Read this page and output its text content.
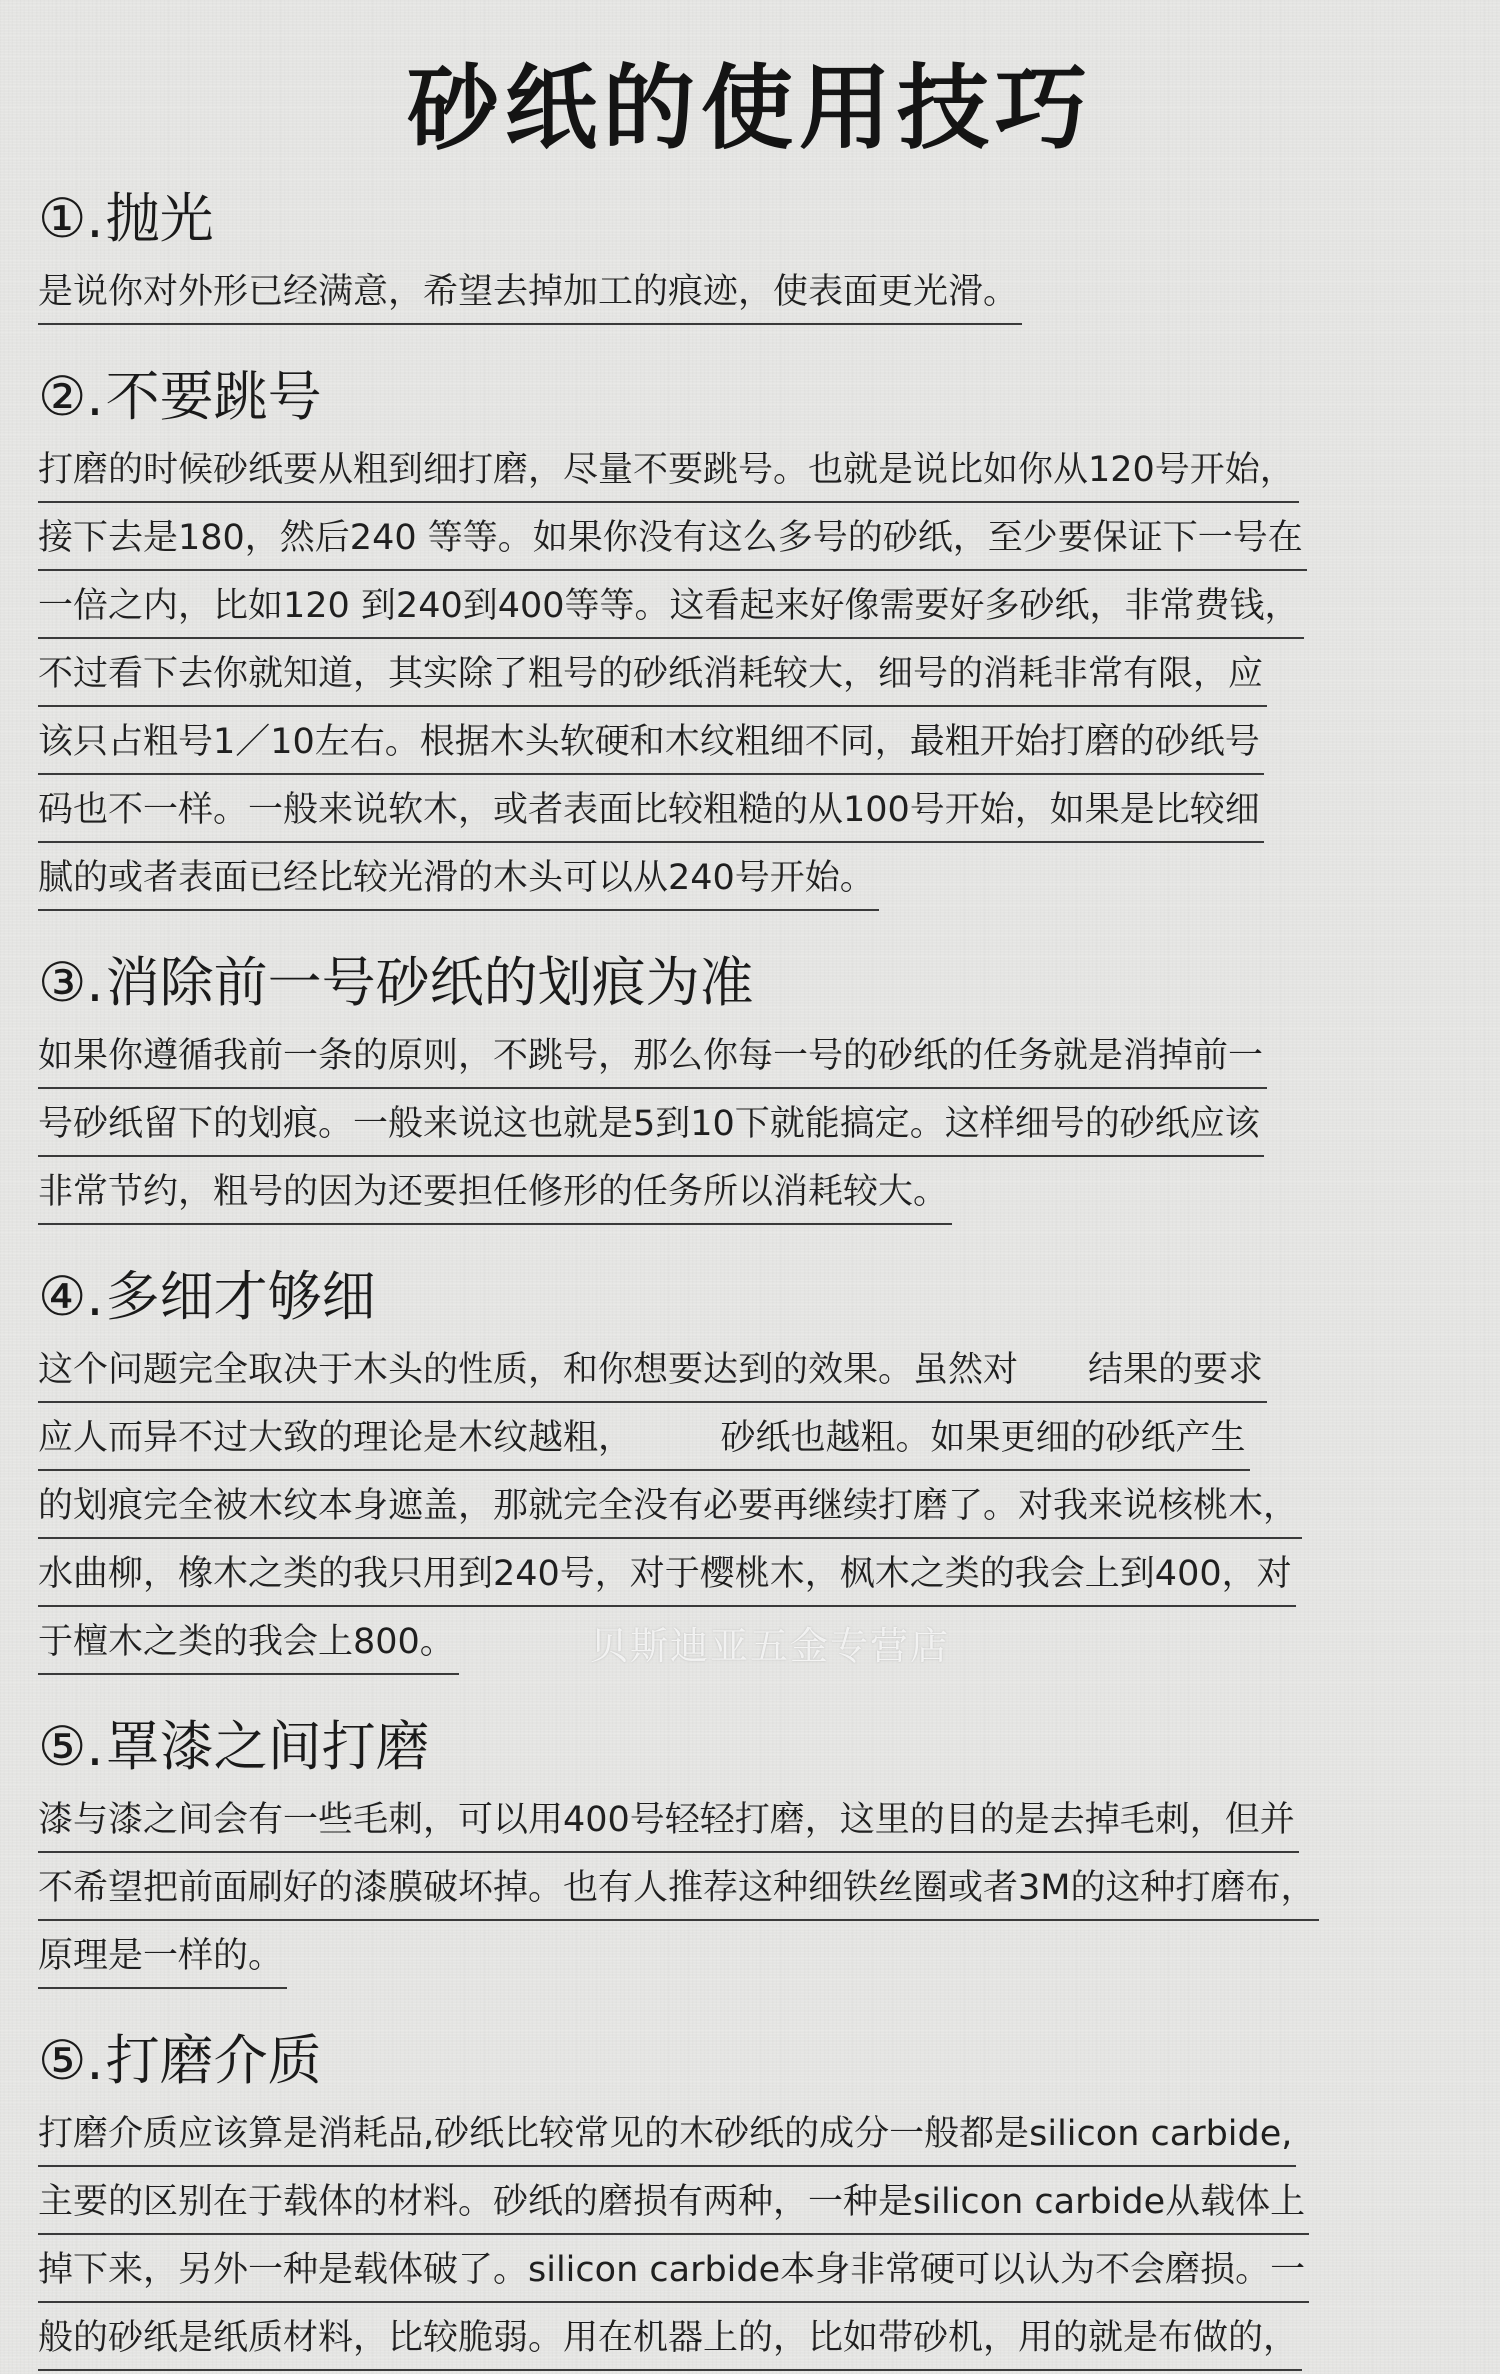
砂纸的使用技巧
①. 抛光
是说你对外形已经满意，希望去掉加工的痕迹，使表面更光滑。
②. 不要跳号
打磨的时候砂纸要从粗到细打磨，尽量不要跳号。也就是说比如你从120号开始，
接下去是180，然后240 等等。如果你没有这么多号的砂纸，至少要保证下一号在
一倍之内，比如120 到240到400等等。这看起来好像需要好多砂纸，非常费钱，
不过看下去你就知道，其实除了粗号的砂纸消耗较大，细号的消耗非常有限，应
该只占粗号1／10左右。根据木头软硬和木纹粗细不同，最粗开始打磨的砂纸号
码也不一样。一般来说软木，或者表面比较粗糙的从100号开始，如果是比较细
腻的或者表面已经比较光滑的木头可以从240号开始。
③. 消除前一号砂纸的划痕为准
如果你遵循我前一条的原则，不跳号，那么你每一号的砂纸的任务就是消掉前一
号砂纸留下的划痕。一般来说这也就是5到10下就能搞定。这样细号的砂纸应该
非常节约，粗号的因为还要担任修形的任务所以消耗较大。
④. 多细才够细
这个问题完全取决于木头的性质，和你想要达到的效果。虽然对　　结果的要求
应人而异不过大致的理论是木纹越粗，　　　砂纸也越粗。如果更细的砂纸产生
的划痕完全被木纹本身遮盖，那就完全没有必要再继续打磨了。对我来说核桃木，
水曲柳，橡木之类的我只用到240号，对于樱桃木，枫木之类的我会上到400，对
于檀木之类的我会上800。
⑤. 罩漆之间打磨
漆与漆之间会有一些毛刺，可以用400号轻轻打磨，这里的目的是去掉毛刺，但并
不希望把前面刷好的漆膜破坏掉。也有人推荐这种细铁丝圈或者3M的这种打磨布，
原理是一样的。
⑤. 打磨介质
打磨介质应该算是消耗品,砂纸比较常见的木砂纸的成分一般都是silicon carbide,
主要的区别在于载体的材料。砂纸的磨损有两种，一种是silicon carbide从载体上
掉下来，另外一种是载体破了。silicon carbide本身非常硬可以认为不会磨损。一
般的砂纸是纸质材料，比较脆弱。用在机器上的，比如带砂机，用的就是布做的，
贝斯迪亚五金专营店
